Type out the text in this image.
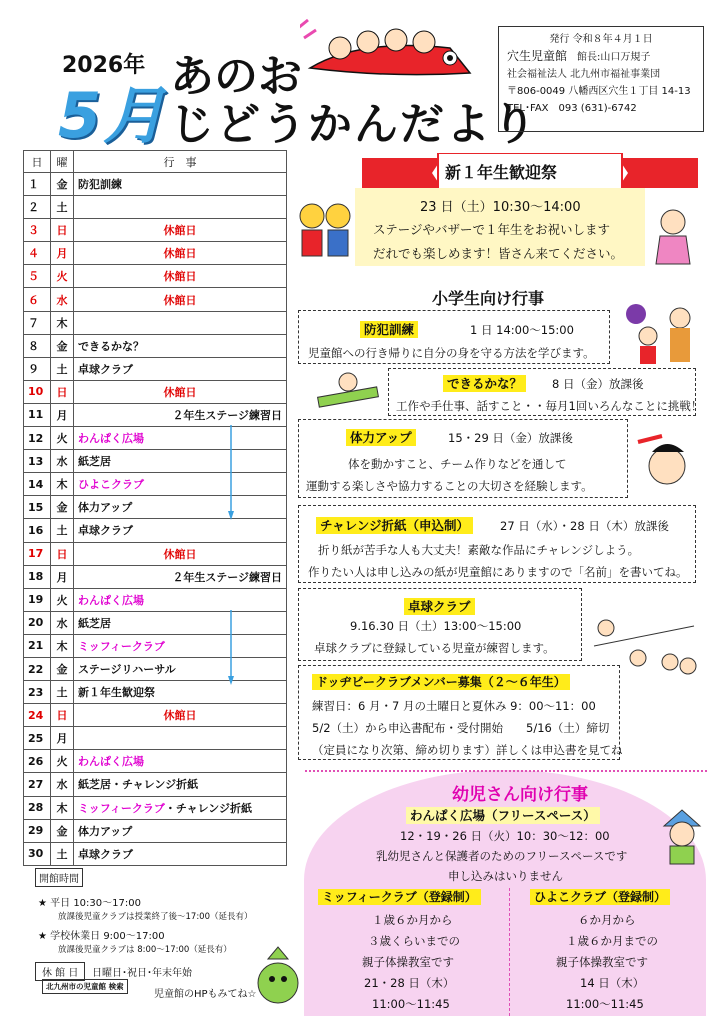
2026年
5月
あのお
じどうかんだより
発行 令和８年４月１日
穴生児童館　 館長:山口万規子
社会福祉法人 北九州市福祉事業団
〒806-0049 八幡西区穴生１丁目 14-13
TEL･FAX　093 (631)-6742
日	曜	行　事
１	金	防犯訓練
２	土	
３	日	休館日
４	月	休館日
５	火	休館日
６	水	休館日
７	木	
８	金	できるかな？
９	土	卓球クラブ
10	日	休館日
11	月	２年生ステージ練習日
12	火	わんぱく広場
13	水	紙芝居
14	木	ひよこクラブ
15	金	体力アップ
16	土	卓球クラブ
17	日	休館日
18	月	２年生ステージ練習日
19	火	わんぱく広場
20	水	紙芝居
21	木	ミッフィークラブ
22	金	ステージリハーサル
23	土	新１年生歓迎祭
24	日	休館日
25	月	
26	火	わんぱく広場
27	水	紙芝居・チャレンジ折紙
28	木	ミッフィークラブ・チャレンジ折紙
29	金	体力アップ
30	土	卓球クラブ
開館時間
★ 平日 10:30～17:00
放課後児童クラブは授業終了後～17:00（延長有）
★ 学校休業日 9:00～17:00
放課後児童クラブは 8:00～17:00（延長有）
休 館 日	日曜日･祝日･年末年始
北九州市の児童館 検索
児童館のHPもみてね☆
新１年生歓迎祭
23 日（土）10:30～14:00
ステージやバザーで１年生をお祝いします
だれでも楽しめます！皆さん来てください。
小学生向け行事
防犯訓練	1 日 14:00～15:00
児童館への行き帰りに自分の身を守る方法を学びます。
できるかな？	8 日（金）放課後
工作や手仕事、話すこと・・毎月1回いろんなことに挑戦！
体力アップ	15・29 日（金）放課後
体を動かすこと、チーム作りなどを通して
運動する楽しさや協力することの大切さを経験します。
チャレンジ折紙（申込制）	27 日（水）・28 日（木）放課後
折り紙が苦手な人も大丈夫！素敵な作品にチャレンジしよう。
作りたい人は申し込みの紙が児童館にありますので「名前」を書いてね。
卓球クラブ
9.16.30 日（土）13:00～15:00
卓球クラブに登録している児童が練習します。
ドッヂビークラブメンバー募集（２～６年生）
練習日：6 月・7 月の土曜日と夏休み 9：00～11：00
5/2（土）から申込書配布・受付開始　　5/16（土）締切
（定員になり次第、締め切ります）詳しくは申込書を見てね
幼児さん向け行事
わんぱく広場（フリースペース）
12・19・26 日（火）10：30～12：00
乳幼児さんと保護者のためのフリースペースです
申し込みはいりません
ミッフィークラブ（登録制）
１歳６か月から
３歳くらいまでの
親子体操教室です
21・28 日（木）
11:00～11:45
ひよこクラブ（登録制）
６か月から
１歳６か月までの
親子体操教室です
14 日（木）
11:00～11:45
